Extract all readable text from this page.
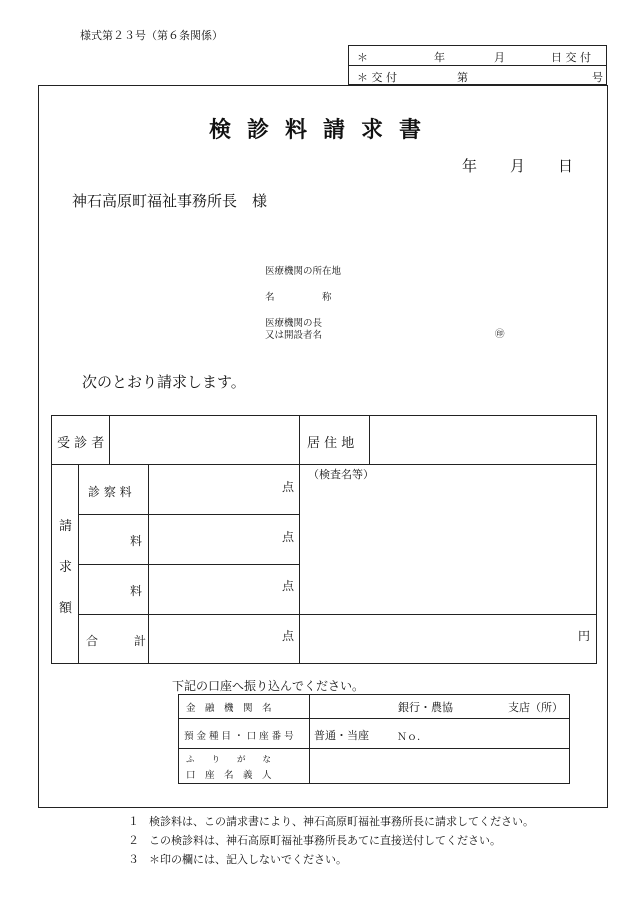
様式第２３号（第６条関係）
＊	年	月	日 交 付
＊ 交 付	第	号
検診料請求書
年 月 日
神石高原町福祉事務所長　様
医療機関の所在地
名　　　　　称
医療機関の長
又は開設者名	㊞
次のとおり請求します。
受 診 者	居 住 地
請
求
額
診 察 料	点
料	点
料	点
合　　　計	点
（検査名等）
円
下記の口座へ振り込んでください。
金　融　機　関　名	銀行・農協	支店（所）
預 金 種 目 ・ 口 座 番 号 普通・当座	Ｎｏ.
ふ　　り　　が　　な
口　座　名　義　人
１ 検診料は、この請求書により、神石高原町福祉事務所長に請求してください。
２ この検診料は、神石高原町福祉事務所長あてに直接送付してください。
３ ＊印の欄には、記入しないでください。
